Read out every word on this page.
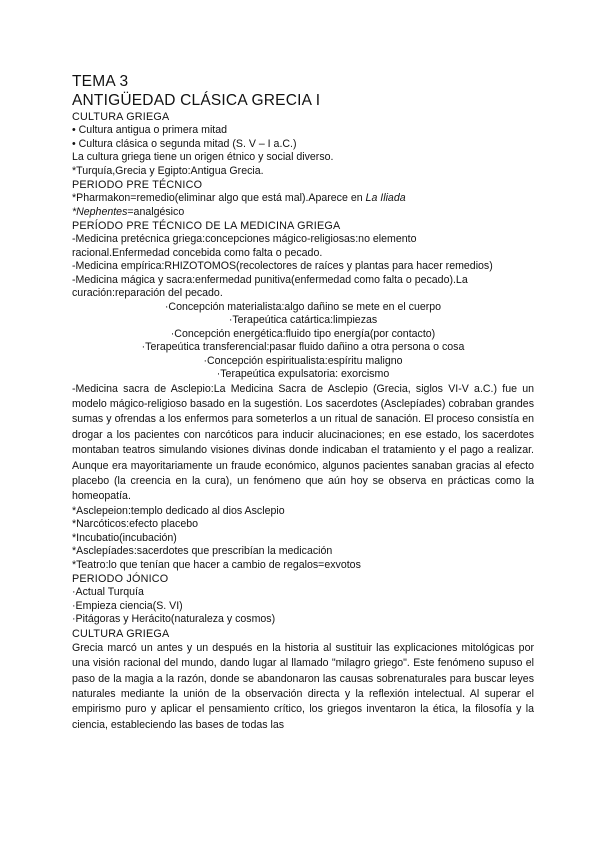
TEMA 3
ANTIGÜEDAD CLÁSICA GRECIA I
CULTURA GRIEGA
• Cultura antigua o primera mitad
• Cultura clásica o segunda mitad (S. V – I a.C.)
La cultura griega tiene un origen étnico y social diverso.
*Turquía,Grecia y Egipto:Antigua Grecia.
PERIODO PRE TÉCNICO
*Pharmakon=remedio(eliminar algo que está mal).Aparece en La Iliada
*Nephentes=analgésico
PERÍODO PRE TÉCNICO DE LA MEDICINA GRIEGA
-Medicina pretécnica griega:concepciones mágico-religiosas:no elemento
racional.Enfermedad concebida como falta o pecado.
-Medicina empírica:RHIZOTOMOS(recolectores de raíces y plantas para hacer remedios)
-Medicina mágica y sacra:enfermedad punitiva(enfermedad como falta o pecado).La
curación:reparación del pecado.
·Concepción materialista:algo dañino se mete en el cuerpo
·Terapeútica catártica:limpiezas
·Concepción energética:fluido tipo energía(por contacto)
·Terapeútica transferencial:pasar fluido dañino a otra persona o cosa
·Concepción espiritualista:espíritu maligno
·Terapeútica expulsatoria: exorcismo

-Medicina sacra de Asclepio:La Medicina Sacra de Asclepio (Grecia, siglos VI-V a.C.) fue un modelo mágico-religioso basado en la sugestión. Los sacerdotes (Asclepíades) cobraban grandes sumas y ofrendas a los enfermos para someterlos a un ritual de sanación. El proceso consistía en drogar a los pacientes con narcóticos para inducir alucinaciones; en ese estado, los sacerdotes montaban teatros simulando visiones divinas donde indicaban el tratamiento y el pago a realizar. Aunque era mayoritariamente un fraude económico, algunos pacientes sanaban gracias al efecto placebo (la creencia en la cura), un fenómeno que aún hoy se observa en prácticas como la homeopatía.

*Asclepeion:templo dedicado al dios Asclepio
*Narcóticos:efecto placebo
*Incubatio(incubación)
*Asclepíades:sacerdotes que prescribían la medicación
*Teatro:lo que tenían que hacer a cambio de regalos=exvotos
PERIODO JÓNICO
·Actual Turquía
·Empieza ciencia(S. VI)
·Pitágoras y Herácito(naturaleza y cosmos)
CULTURA GRIEGA

Grecia marcó un antes y un después en la historia al sustituir las explicaciones mitológicas por una visión racional del mundo, dando lugar al llamado "milagro griego". Este fenómeno supuso el paso de la magia a la razón, donde se abandonaron las causas sobrenaturales para buscar leyes naturales mediante la unión de la observación directa y la reflexión intelectual. Al superar el empirismo puro y aplicar el pensamiento crítico, los griegos inventaron la ética, la filosofía y la ciencia, estableciendo las bases de todas las
